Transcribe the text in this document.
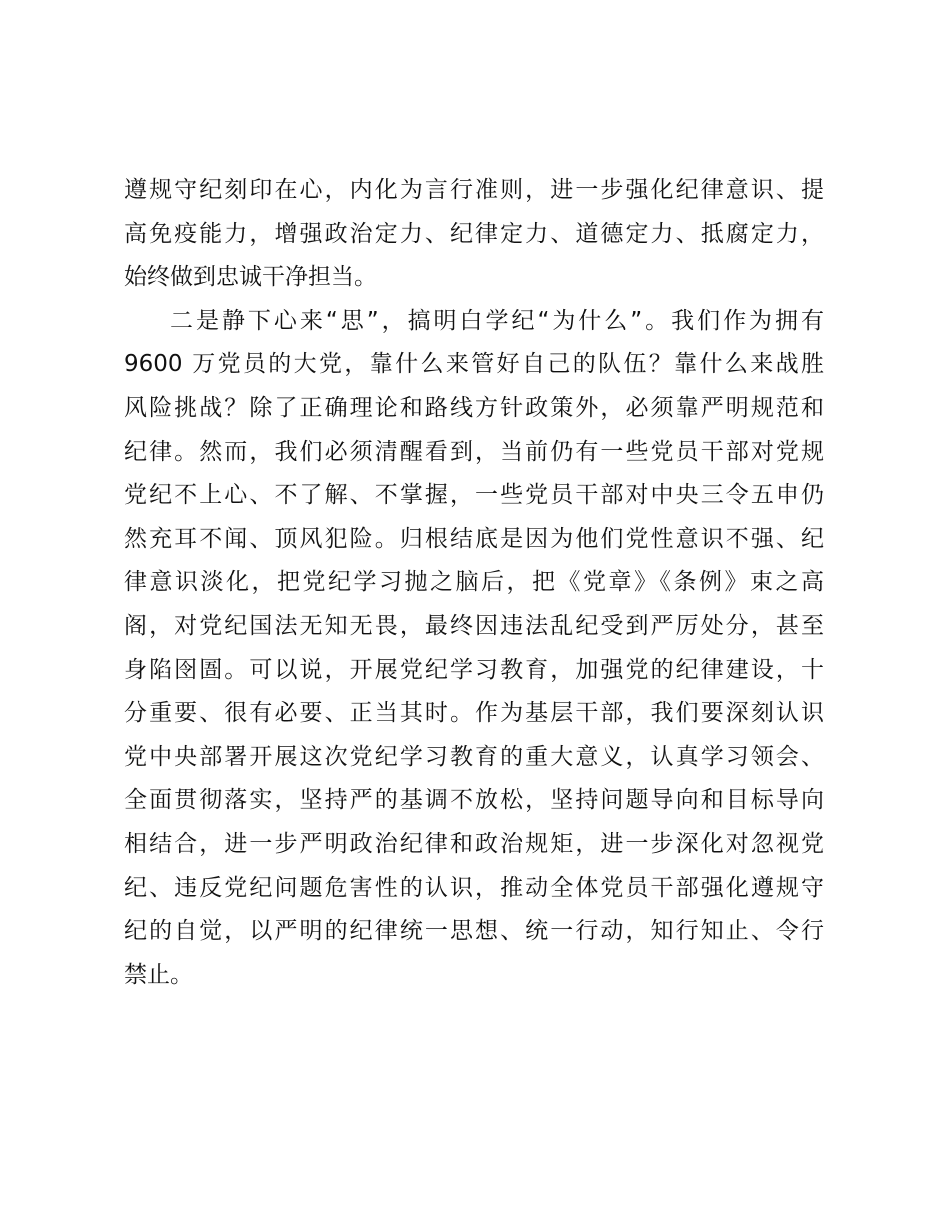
遵规守纪刻印在心，内化为言行准则，进一步强化纪律意识、提
高免疫能力，增强政治定力、纪律定力、道德定力、抵腐定力，
始终做到忠诚干净担当。
二是静下心来“思”，搞明白学纪“为什么”。我们作为拥有
9600 万党员的大党，靠什么来管好自己的队伍？靠什么来战胜
风险挑战？除了正确理论和路线方针政策外，必须靠严明规范和
纪律。然而，我们必须清醒看到，当前仍有一些党员干部对党规
党纪不上心、不了解、不掌握，一些党员干部对中央三令五申仍
然充耳不闻、顶风犯险。归根结底是因为他们党性意识不强、纪
律意识淡化，把党纪学习抛之脑后，把《党章》《条例》束之高
阁，对党纪国法无知无畏，最终因违法乱纪受到严厉处分，甚至
身陷囹圄。可以说，开展党纪学习教育，加强党的纪律建设，十
分重要、很有必要、正当其时。作为基层干部，我们要深刻认识
党中央部署开展这次党纪学习教育的重大意义，认真学习领会、
全面贯彻落实，坚持严的基调不放松，坚持问题导向和目标导向
相结合，进一步严明政治纪律和政治规矩，进一步深化对忽视党
纪、违反党纪问题危害性的认识，推动全体党员干部强化遵规守
纪的自觉，以严明的纪律统一思想、统一行动，知行知止、令行
禁止。
